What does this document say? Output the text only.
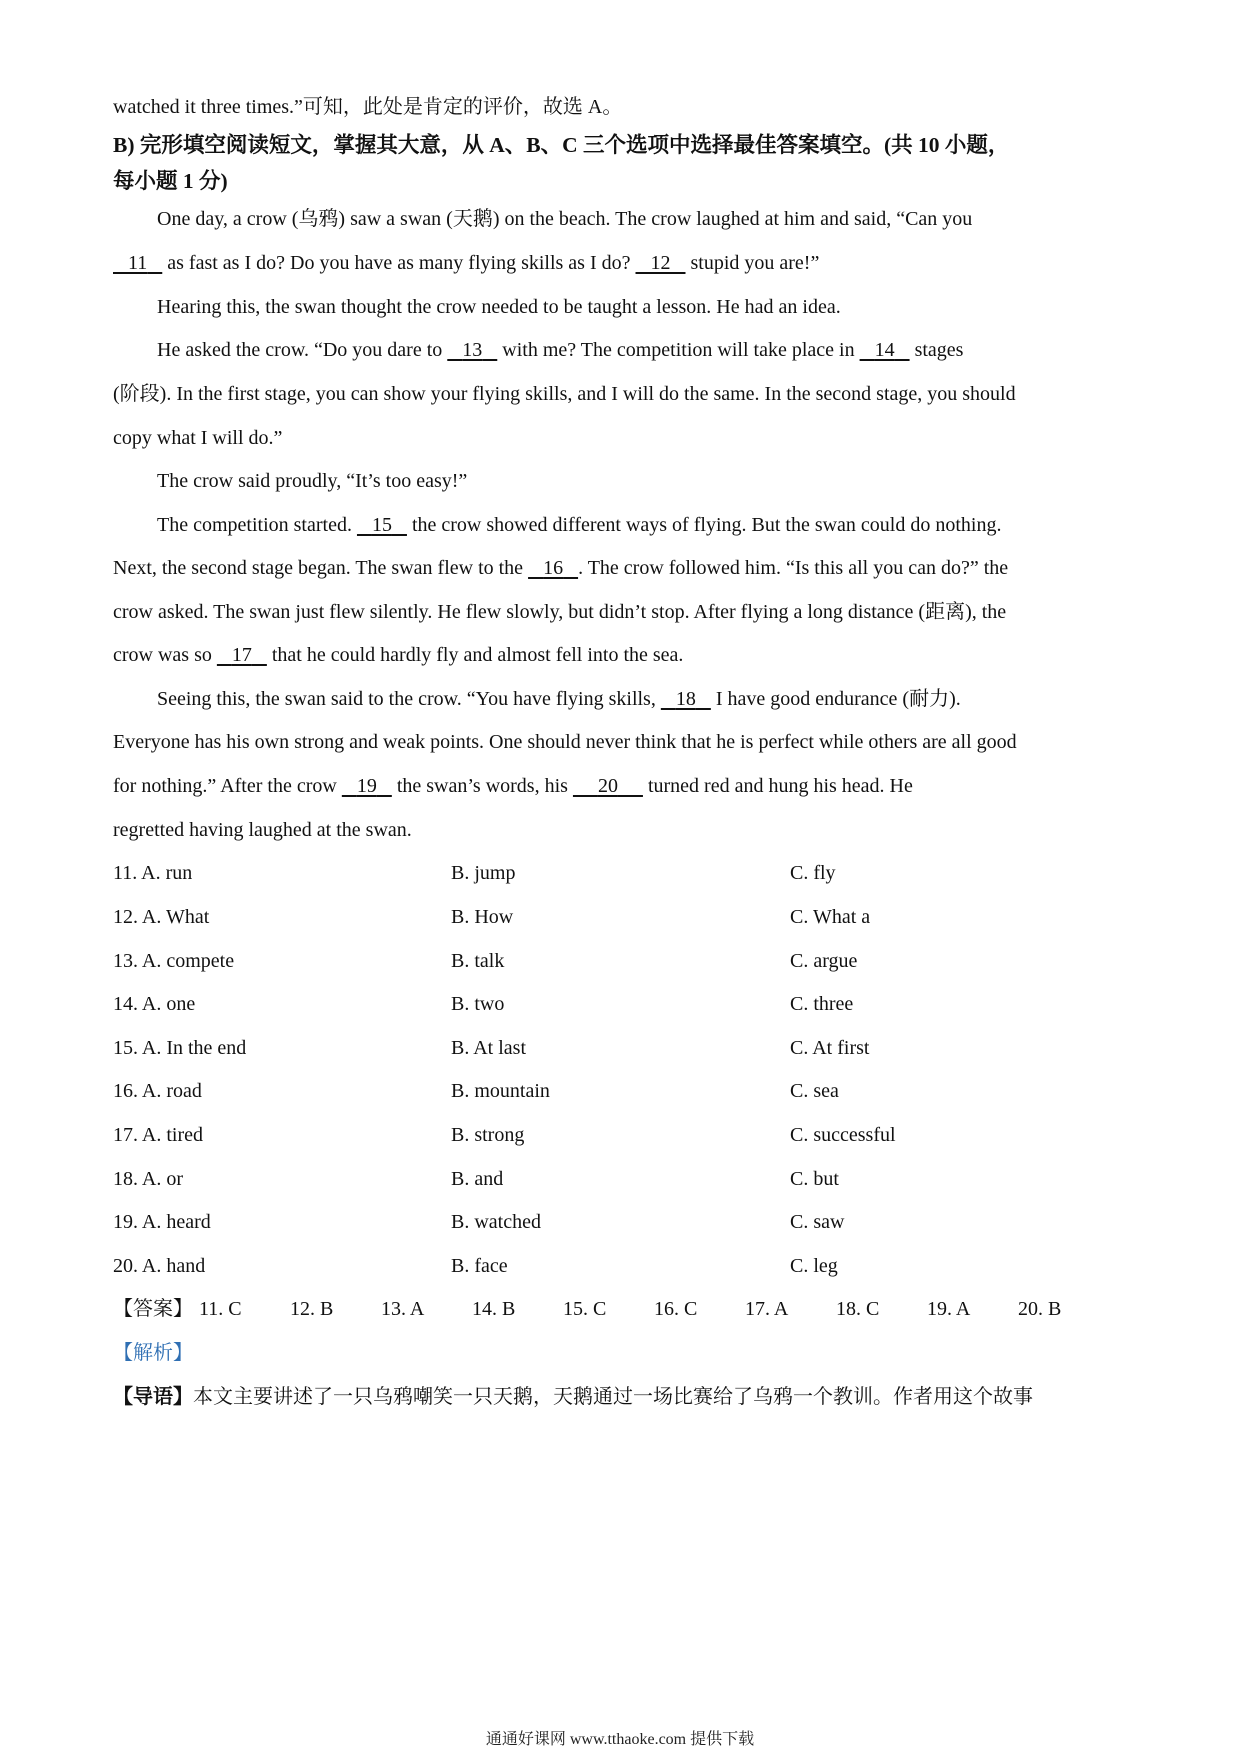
watched it three times.”可知，此处是肯定的评价，故选 A。
B) 完形填空阅读短文，掌握其大意，从 A、B、C 三个选项中选择最佳答案填空。(共 10 小题，
每小题 1 分)
One day, a crow (乌鸦) saw a swan (天鹅) on the beach. The crow laughed at him and said, “Can you
11    as fast as I do? Do you have as many flying skills as I do?    12    stupid you are!”
Hearing this, the swan thought the crow needed to be taught a lesson. He had an idea.
He asked the crow. “Do you dare to    13    with me? The competition will take place in    14    stages
(阶段). In the first stage, you can show your flying skills, and I will do the same. In the second stage, you should
copy what I will do.”
The crow said proudly, “It’s too easy!”
The competition started.    15    the crow showed different ways of flying. But the swan could do nothing.
Next, the second stage began. The swan flew to the    16 . The crow followed him. “Is this all you can do?” the
crow asked. The swan just flew silently. He flew slowly, but didn’t stop. After flying a long distance (距离), the
crow was so    17    that he could hardly fly and almost fell into the sea.
Seeing this, the swan said to the crow. “You have flying skills,    18    I have good endurance (耐力).
Everyone has his own strong and weak points. One should never think that he is perfect while others are all good
for nothing.” After the crow    19    the swan’s words, his      20      turned red and hung his head. He
regretted having laughed at the swan.
11. A. run	B. jump	C. fly
12. A. What	B. How	C. What a
13. A. compete	B. talk	C. argue
14. A. one	B. two	C. three
15. A. In the end	B. At last	C. At first
16. A. road	B. mountain	C. sea
17. A. tired	B. strong	C. successful
18. A. or	B. and	C. but
19. A. heard	B. watched	C. saw
20. A. hand	B. face	C. leg
【答案】 11. C 12. B 13. A 14. B 15. C 16. C 17. A 18. C 19. A 20. B
【解析】
【导语】本文主要讲述了一只乌鸦嘲笑一只天鹅，天鹅通过一场比赛给了乌鸦一个教训。作者用这个故事
通通好课网 www.tthaoke.com 提供下载
